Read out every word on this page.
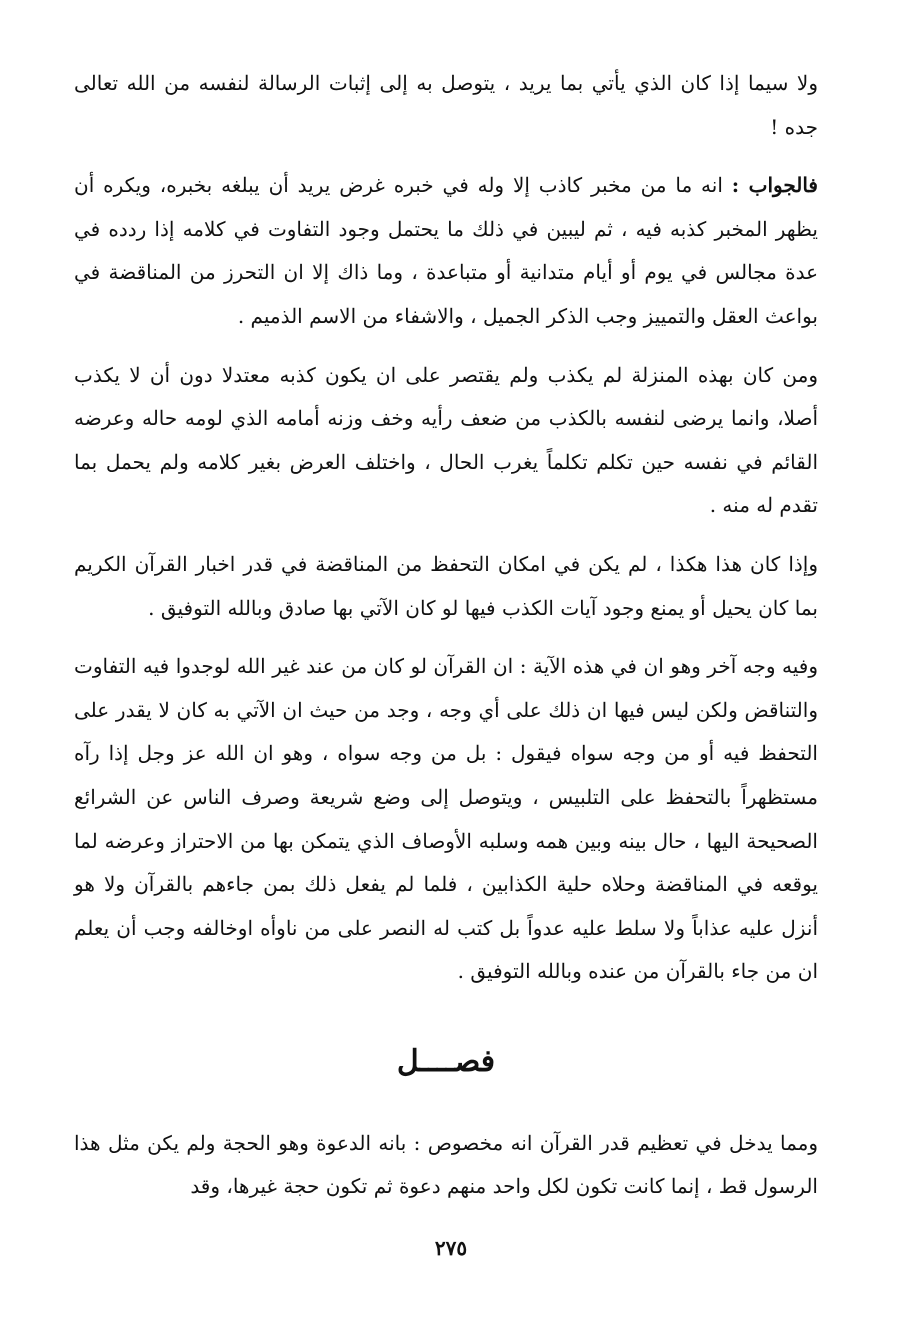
ولا سيما إذا كان الذي يأتي بما يريد ، يتوصل به إلى إثبات الرسالة لنفسه من الله تعالى جده !

فالجواب : انه ما من مخبر كاذب إلا وله في خبره غرض يريد أن يبلغه بخبره، ويكره أن يظهر المخبر كذبه فيه ، ثم ليبين في ذلك ما يحتمل وجود التفاوت في كلامه إذا ردده في عدة مجالس في يوم أو أيام متدانية أو متباعدة ، وما ذاك إلا ان التحرز من المناقضة في بواعث العقل والتمييز وجب الذكر الجميل ، والاشفاء من الاسم الذميم .

ومن كان بهذه المنزلة لم يكذب ولم يقتصر على ان يكون كذبه معتدلا دون أن لا يكذب أصلا، وانما يرضى لنفسه بالكذب من ضعف رأيه وخف وزنه أمامه الذي لومه حاله وعرضه القائم في نفسه حين تكلم تكلماً يغرب الحال ، واختلف العرض بغير كلامه ولم يحمل بما تقدم له منه .

وإذا كان هذا هكذا ، لم يكن في امكان التحفظ من المناقضة في قدر اخبار القرآن الكريم بما كان يحيل أو يمنع وجود آيات الكذب فيها لو كان الآتي بها صادق وبالله التوفيق .

وفيه وجه آخر وهو ان في هذه الآية : ان القرآن لو كان من عند غير الله لوجدوا فيه التفاوت والتناقض ولكن ليس فيها ان ذلك على أي وجه ، وجد من حيث ان الآتي به كان لا يقدر على التحفظ فيه أو من وجه سواه فيقول : بل من وجه سواه ، وهو ان الله عز وجل إذا رآه مستظهراً بالتحفظ على التلبيس ، ويتوصل إلى وضع شريعة وصرف الناس عن الشرائع الصحيحة اليها ، حال بينه وبين همه وسلبه الأوصاف الذي يتمكن بها من الاحتراز وعرضه لما يوقعه في المناقضة وحلاه حلية الكذابين ، فلما لم يفعل ذلك بمن جاءهم بالقرآن ولا هو أنزل عليه عذاباً ولا سلط عليه عدواً بل كتب له النصر على من ناوأه اوخالفه وجب أن يعلم ان من جاء بالقرآن من عنده وبالله التوفيق .

فصــــل

ومما يدخل في تعظيم قدر القرآن انه مخصوص : بانه الدعوة وهو الحجة ولم يكن مثل هذا الرسول قط ، إنما كانت تكون لكل واحد منهم دعوة ثم تكون حجة غيرها، وقد

٢٧٥
